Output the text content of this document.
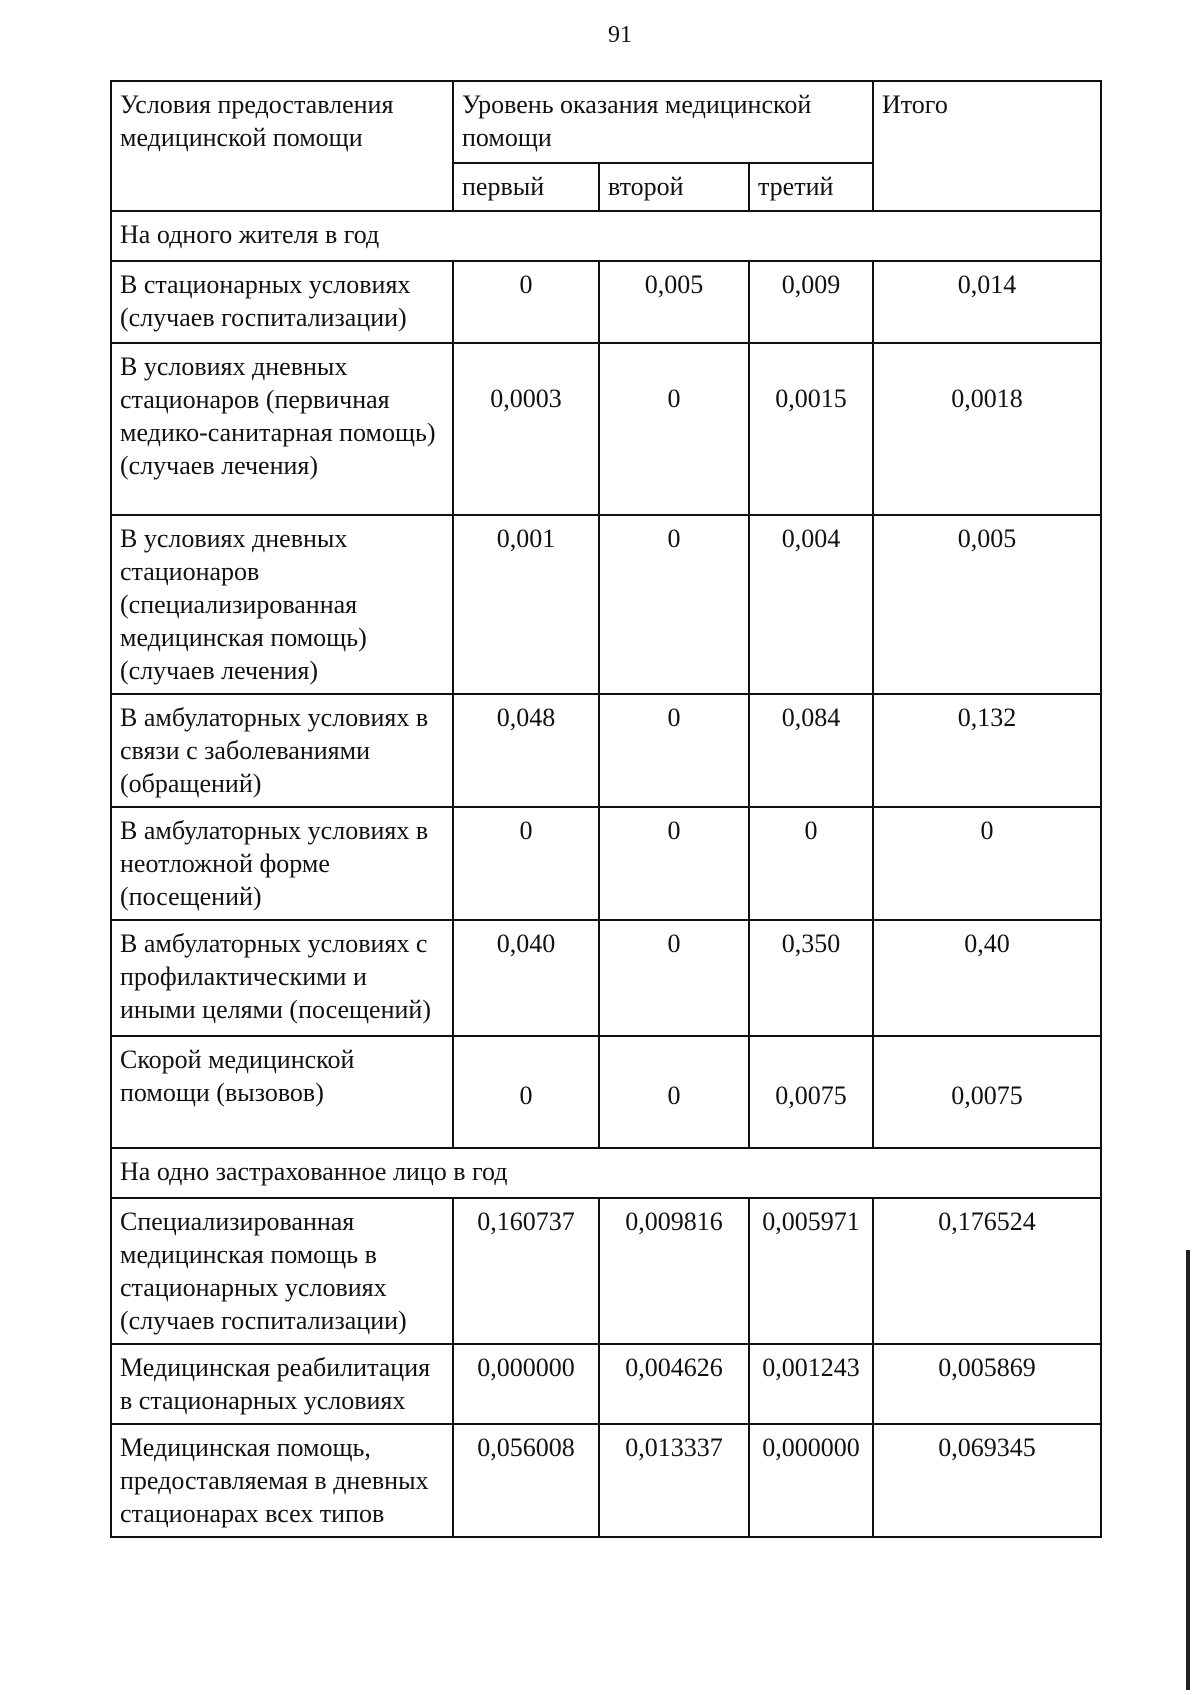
91
Условия предоставления медицинской помощи	Уровень оказания медицинской помощи			Итого
	первый	второй	третий	
На одного жителя в год				
В стационарных условиях (случаев госпитализации)	0	0,005	0,009	0,014
В условиях дневных стационаров (первичная медико-санитарная помощь) (случаев лечения)	0,0003	0	0,0015	0,0018
В условиях дневных стационаров (специализированная медицинская помощь) (случаев лечения)	0,001	0	0,004	0,005
В амбулаторных условиях в связи с заболеваниями (обращений)	0,048	0	0,084	0,132
В амбулаторных условиях в неотложной форме (посещений)	0	0	0	0
В амбулаторных условиях с профилактическими и иными целями (посещений)	0,040	0	0,350	0,40
Скорой медицинской помощи (вызовов)	0	0	0,0075	0,0075
На одно застрахованное лицо в год				
Специализированная медицинская помощь в стационарных условиях (случаев госпитализации)	0,160737	0,009816	0,005971	0,176524
Медицинская реабилитация в стационарных условиях	0,000000	0,004626	0,001243	0,005869
Медицинская помощь, предоставляемая в дневных стационарах всех типов	0,056008	0,013337	0,000000	0,069345
